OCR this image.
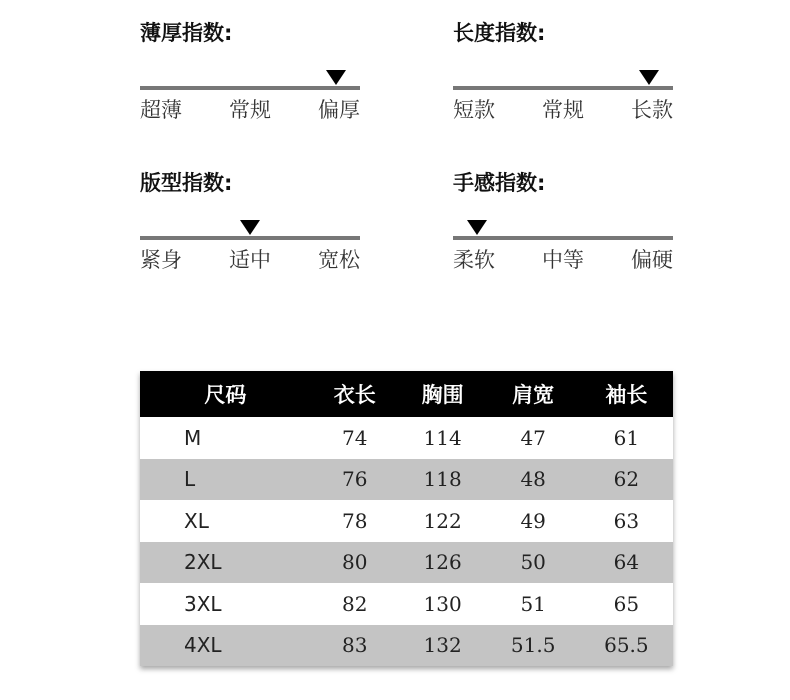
薄厚指数:
超薄 常规 偏厚
长度指数:
短款 常规 长款
版型指数:
紧身 适中 宽松
手感指数:
柔软 中等 偏硬
尺码	衣长	胸围	肩宽	袖长
M	74	114	47	61
L	76	118	48	62
XL	78	122	49	63
2XL	80	126	50	64
3XL	82	130	51	65
4XL	83	132	51.5	65.5
